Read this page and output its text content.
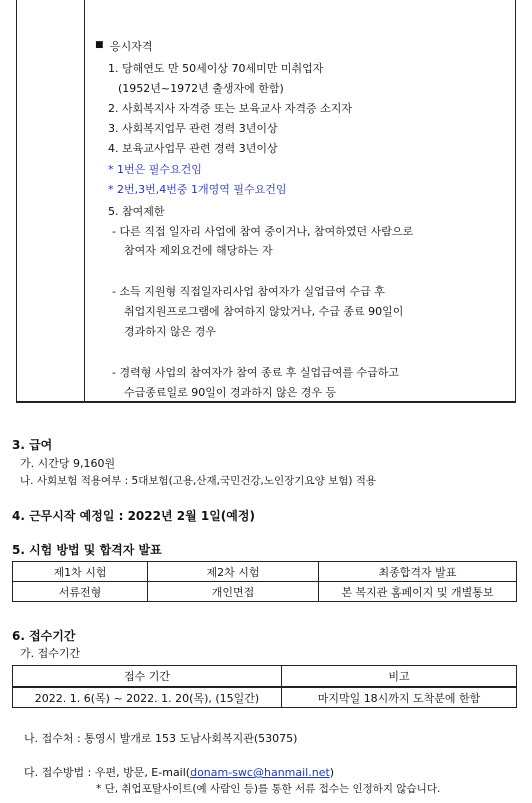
■ 응시자격
1. 당해연도 만 50세이상 70세미만 미취업자
(1952년~1972년 출생자에 한함)
2. 사회복지사 자격증 또는 보육교사 자격증 소지자
3. 사회복지업무 관련 경력 3년이상
4. 보육교사업무 관련 경력 3년이상
* 1번은 필수요건임
* 2번,3번,4번중 1개영역 필수요건임
5. 참여제한
- 다른 직접 일자리 사업에 참여 중이거나, 참여하였던 사람으로
참여자 제외요건에 해당하는 자
- 소득 지원형 직접일자리사업 참여자가 실업급여 수급 후
취업지원프로그램에 참여하지 않았거나, 수급 종료 90일이
경과하지 않은 경우
- 경력형 사업의 참여자가 참여 종료 후 실업급여를 수급하고
수급종료일로 90일이 경과하지 않은 경우 등
3. 급여
가. 시간당 9,160원
나. 사회보험 적용여부 : 5대보험(고용,산재,국민건강,노인장기요양 보험) 적용
4. 근무시작 예정일 : 2022년 2월 1일(예정)
5. 시험 방법 및 합격자 발표
제1차 시험	제2차 시험	최종합격자 발표
서류전형	개인면접	본 복지관 홈페이지 및 개별통보
6. 접수기간
가. 접수기간
접수 기간	비고
2022. 1. 6(목) ~ 2022. 1. 20(목), (15일간)	마지막일 18시까지 도착분에 한함
나. 접수처 : 통영시 발개로 153 도남사회복지관(53075)
다. 접수방법 : 우편, 방문, E-mail(donam-swc@hanmail.net)
* 단, 취업포탈사이트(예 사람인 등)를 통한 서류 접수는 인정하지 않습니다.
